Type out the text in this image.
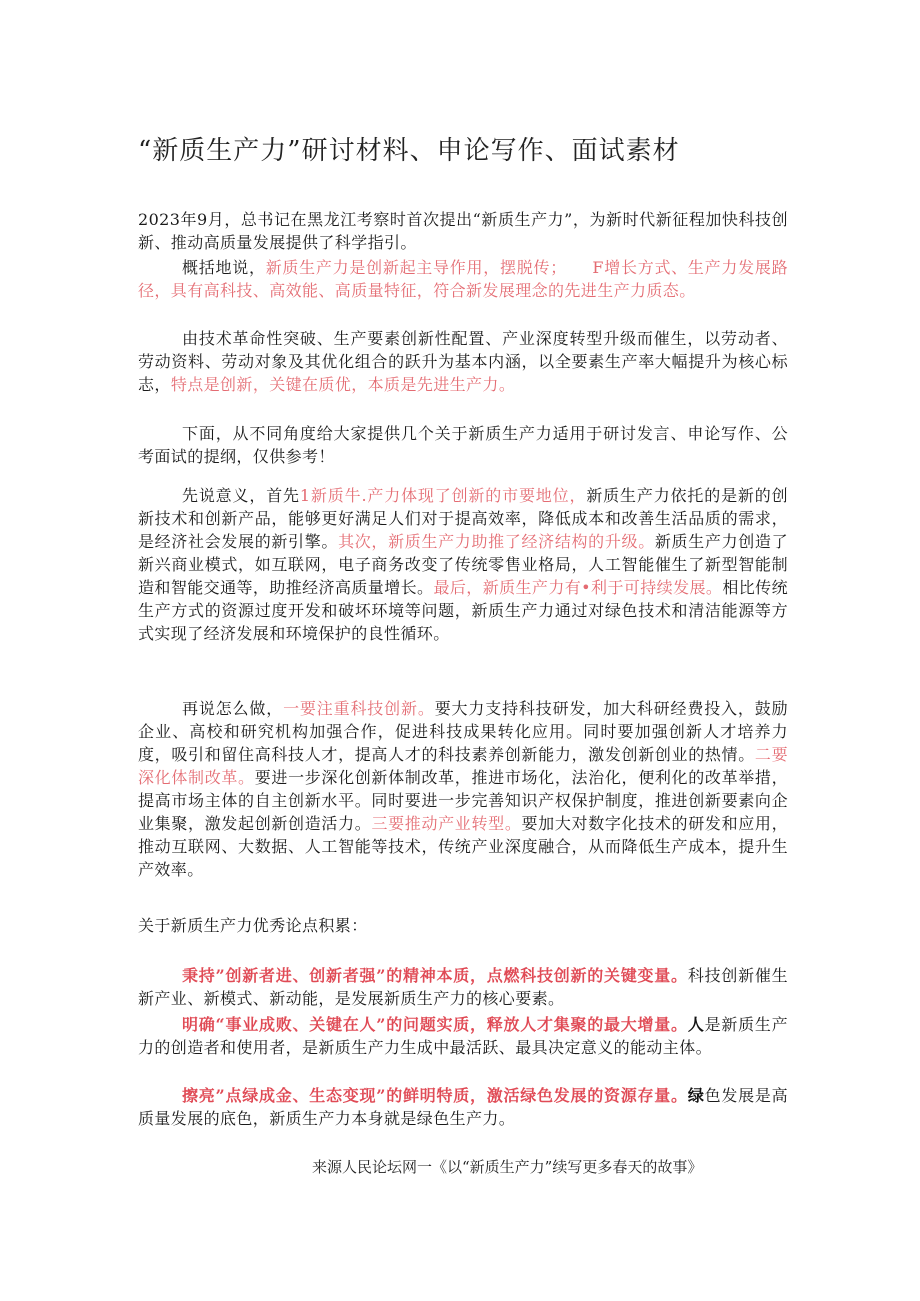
“新质生产力”研讨材料、申论写作、面试素材
2023年9月，总书记在黑龙江考察时首次提出“新质生产力”，为新时代新征程加快科技创新、推动高质量发展提供了科学指引。
概括地说，新质生产力是创新起主导作用，摆脱传；　　F增长方式、生产力发展路径，具有高科技、高效能、高质量特征，符合新发展理念的先进生产力质态。
由技术革命性突破、生产要素创新性配置、产业深度转型升级而催生，以劳动者、劳动资料、劳动对象及其优化组合的跃升为基本内涵，以全要素生产率大幅提升为核心标志，特点是创新，关键在质优，本质是先进生产力。
下面，从不同角度给大家提供几个关于新质生产力适用于研讨发言、申论写作、公考面试的提纲，仅供参考！
先说意义，首先1新质牛.产力体现了创新的市要地位，新质生产力依托的是新的创新技术和创新产品，能够更好满足人们对于提高效率，降低成本和改善生活品质的需求，是经济社会发展的新引擎。其次，新质生产力助推了经济结构的升级。新质生产力创造了新兴商业模式，如互联网，电子商务改变了传统零售业格局，人工智能催生了新型智能制造和智能交通等，助推经济高质量增长。最后，新质生产力有•利于可持续发展。相比传统生产方式的资源过度开发和破坏环境等问题，新质生产力通过对绿色技术和清洁能源等方式实现了经济发展和环境保护的良性循环。
再说怎么做，一要注重科技创新。要大力支持科技研发，加大科研经费投入，鼓励企业、高校和研究机构加强合作，促进科技成果转化应用。同时要加强创新人才培养力度，吸引和留住高科技人才，提高人才的科技素养创新能力，激发创新创业的热情。二要深化体制改革。要进一步深化创新体制改革，推进市场化，法治化，便利化的改革举措，提高市场主体的自主创新水平。同时要进一步完善知识产权保护制度，推进创新要素向企业集聚，激发起创新创造活力。三要推动产业转型。要加大对数字化技术的研发和应用，推动互联网、大数据、人工智能等技术，传统产业深度融合，从而降低生产成本，提升生产效率。
关于新质生产力优秀论点积累：
秉持”创新者进、创新者强”的精神本质，点燃科技创新的关键变量。科技创新催生新产业、新模式、新动能，是发展新质生产力的核心要素。
明确“事业成败、关键在人”的问题实质，释放人才集聚的最大增量。人是新质生产力的创造者和使用者，是新质生产力生成中最活跃、最具决定意义的能动主体。
擦亮”点绿成金、生态变现”的鲜明特质，激活绿色发展的资源存量。绿色发展是高质量发展的底色，新质生产力本身就是绿色生产力。
来源人民论坛网一《以“新质生产力”续写更多春天的故事》
